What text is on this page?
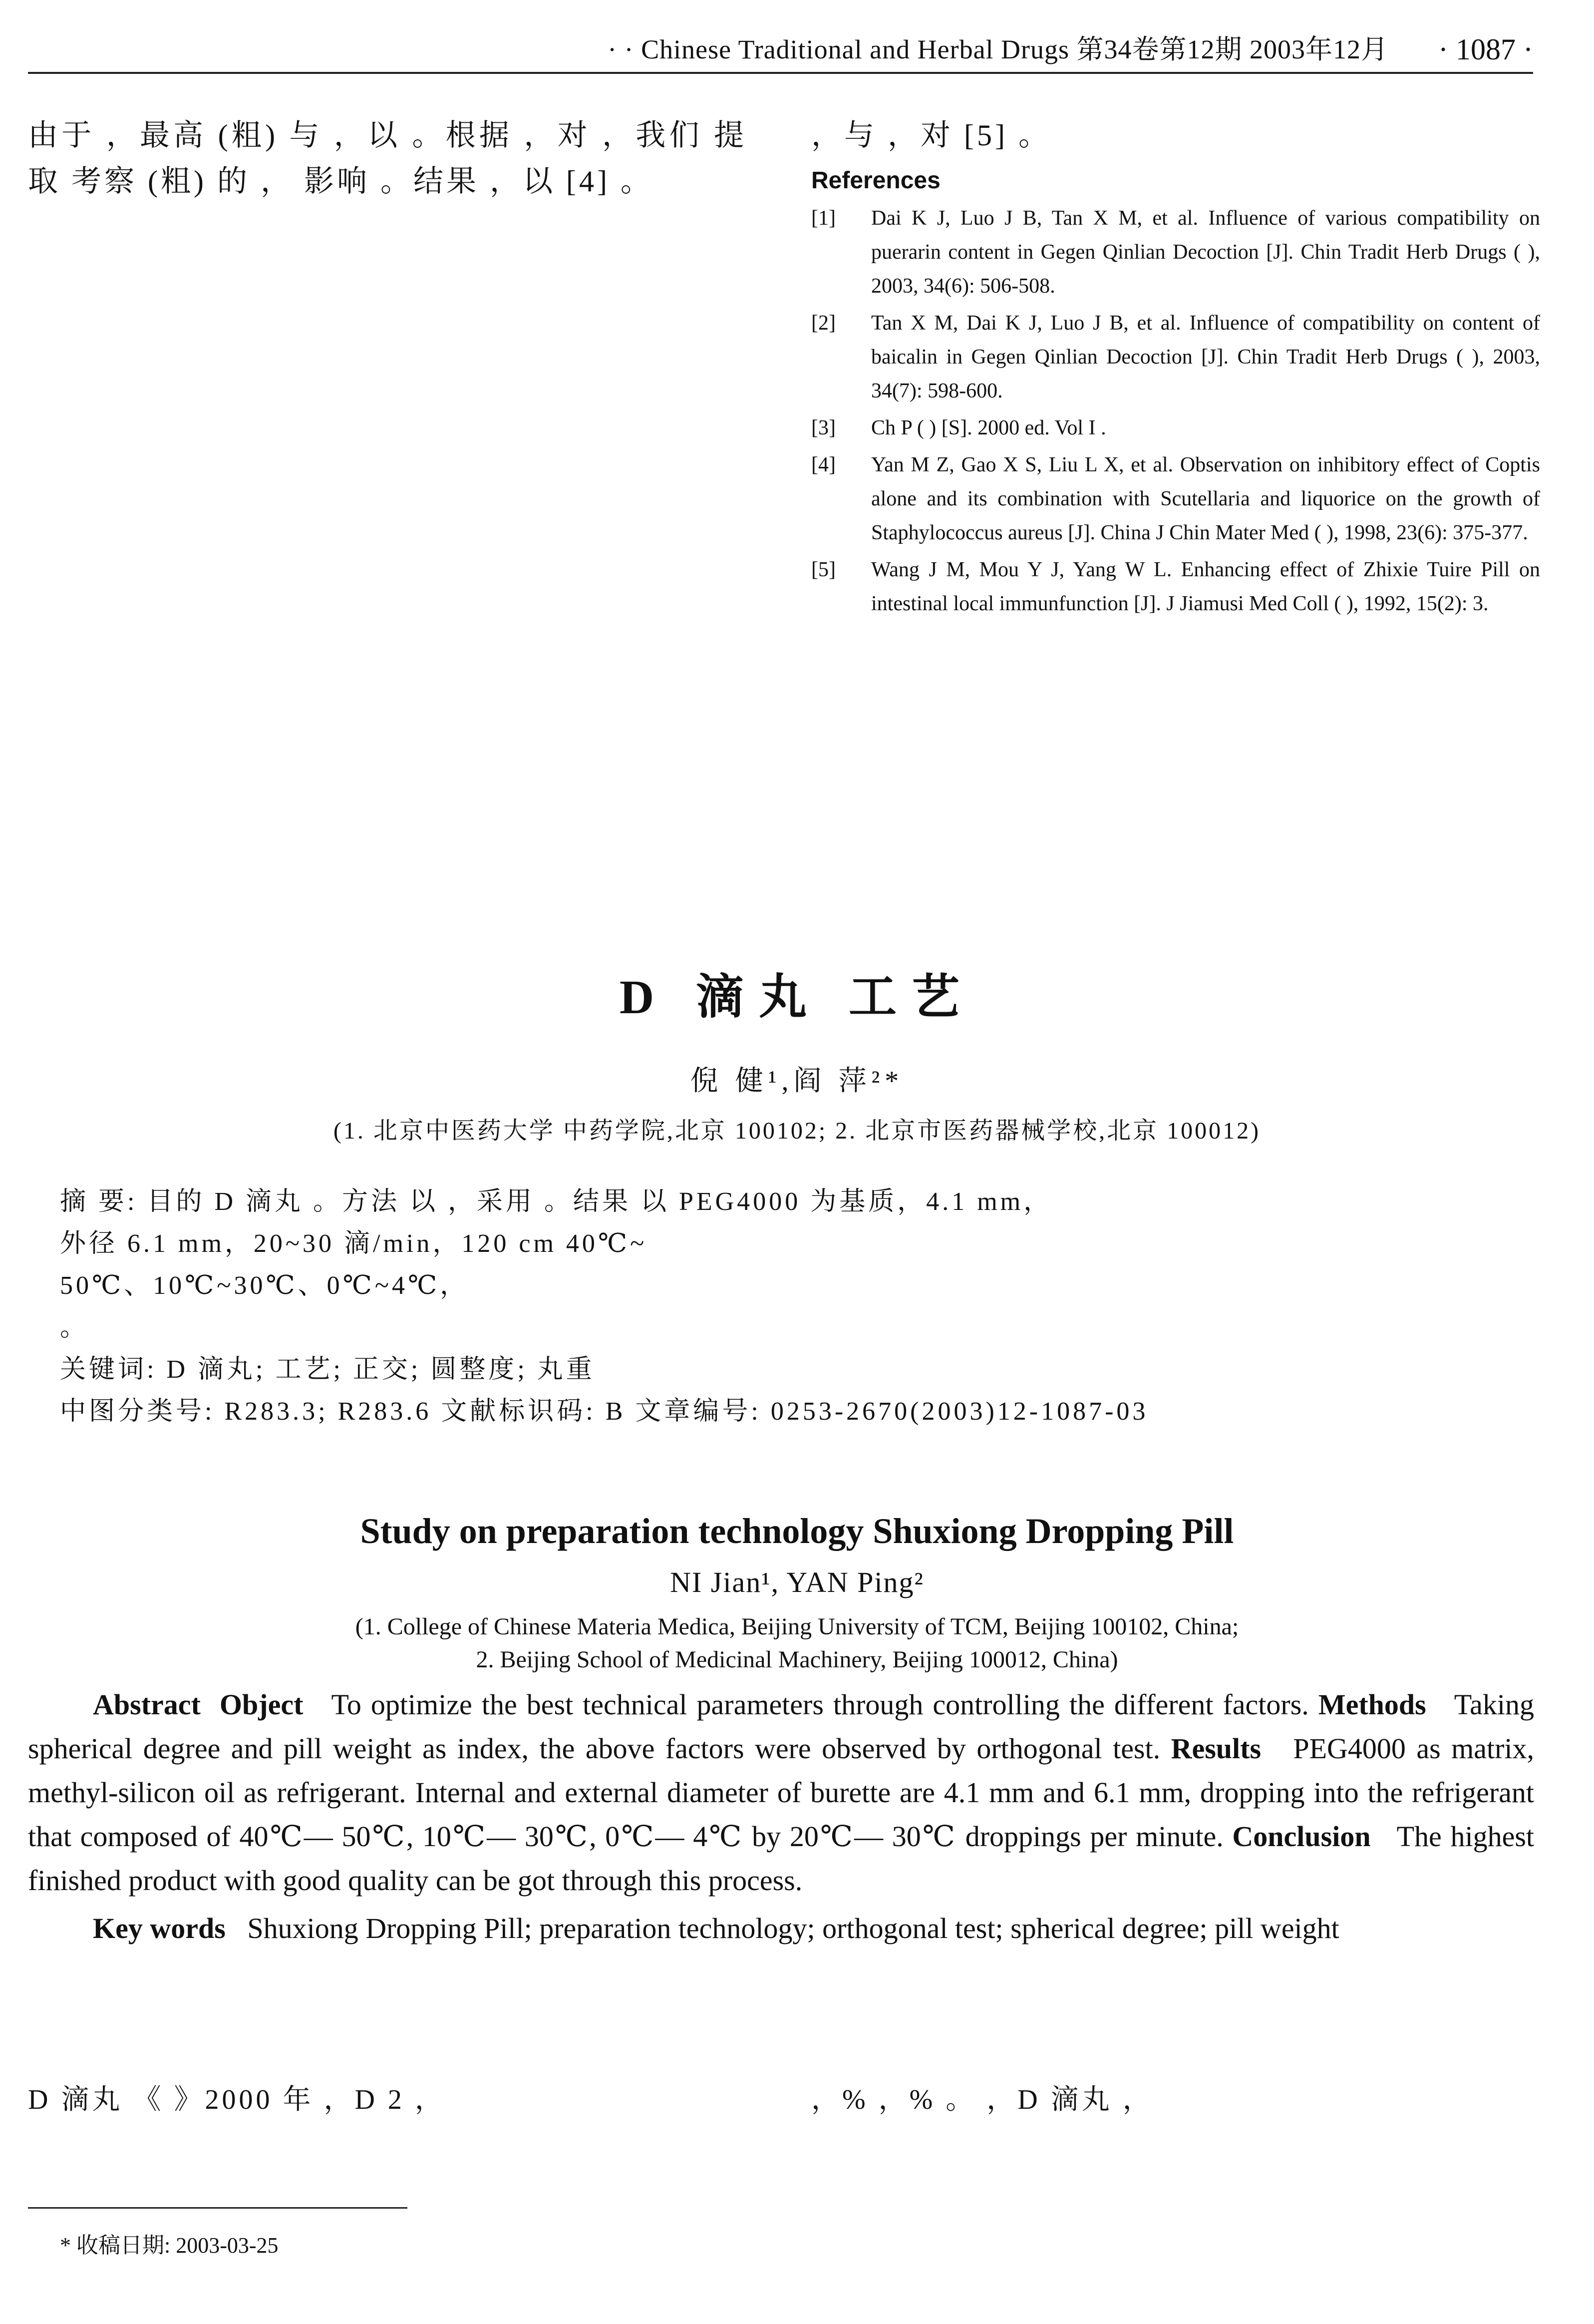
· · Chinese Traditional and Herbal Drugs 第34卷第12期 2003年12月 · 1087 ·
由于 ，最高 (粗) 与 ，以 。根据 ，对 ，我们 提取 考察 (粗) 的 ， 影响 。结果 ，以 [4] 。
，与 ，对 [5] 。
References
[1] Dai K J, Luo J B, Tan X M, et al. Influence of various compatibility on puerarin content in Gegen Qinlian Decoction [J]. Chin Tradit Herb Drugs ( ), 2003, 34(6): 506-508.
[2] Tan X M, Dai K J, Luo J B, et al. Influence of compatibility on content of baicalin in Gegen Qinlian Decoction [J]. Chin Tradit Herb Drugs ( ), 2003, 34(7): 598-600.
[3] Ch P ( ) [S]. 2000 ed. Vol I .
[4] Yan M Z, Gao X S, Liu L X, et al. Observation on inhibitory effect of Coptis alone and its combination with Scutellaria and liquorice on the growth of Staphylococcus aureus [J]. China J Chin Mater Med ( ), 1998, 23(6): 375-377.
[5] Wang J M, Mou Y J, Yang W L. Enhancing effect of Zhixie Tuire Pill on intestinal local immunfunction [J]. J Jiamusi Med Coll ( ), 1992, 15(2): 3.
D 滴丸 工艺
倪 健¹,阎 萍²*
(1. 北京中医药大学 中药学院,北京 100102; 2. 北京市医药器械学校,北京 100012)

摘 要: 目的 D 滴丸 。方法 以 ，采用 。结果 以 PEG4000 为基质，4.1 mm，

外径 6.1 mm，20~30 滴/min，120 cm 40℃~

50℃、10℃~30℃、0℃~4℃，

。

关键词: D 滴丸; 工艺; 正交; 圆整度; 丸重

中图分类号: R283.3; R283.6 文献标识码: B 文章编号: 0253-2670(2003)12-1087-03

Study on preparation technology Shuxiong Dropping Pill
NI Jian¹, YAN Ping²
(1. College of Chinese Materia Medica, Beijing University of TCM, Beijing 100102, China;
2. Beijing School of Medicinal Machinery, Beijing 100012, China)

Abstract Object To optimize the best technical parameters through controlling the different factors. Methods Taking spherical degree and pill weight as index, the above factors were observed by orthogonal test. Results PEG4000 as matrix, methyl-silicon oil as refrigerant. Internal and external diameter of burette are 4.1 mm and 6.1 mm, dropping into the refrigerant that composed of 40℃— 50℃, 10℃— 30℃, 0℃— 4℃ by 20℃— 30℃ droppings per minute. Conclusion The highest finished product with good quality can be got through this process.

Key words Shuxiong Dropping Pill; preparation technology; orthogonal test; spherical degree; pill weight

D 滴丸 《 》2000 年 ，D 2 ，	，% ，% 。 ，D 滴丸 ，
* 收稿日期: 2003-03-25
